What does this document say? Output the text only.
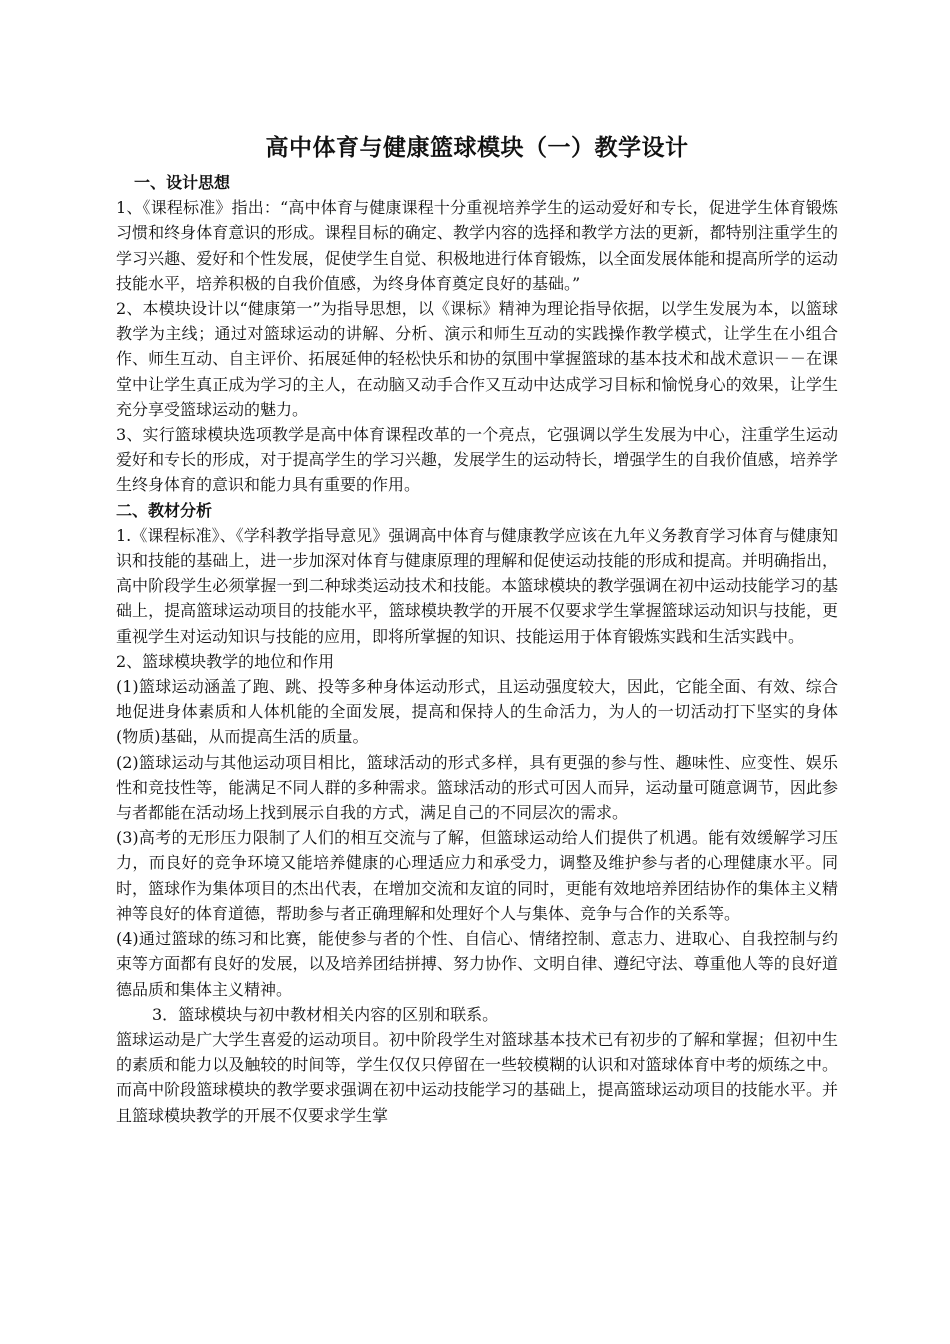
高中体育与健康篮球模块（一）教学设计
一、设计思想

1、《课程标准》指出：“高中体育与健康课程十分重视培养学生的运动爱好和专长，促进学生体育锻炼习惯和终身体育意识的形成。课程目标的确定、教学内容的选择和教学方法的更新，都特别注重学生的学习兴趣、爱好和个性发展，促使学生自觉、积极地进行体育锻炼，以全面发展体能和提高所学的运动技能水平，培养积极的自我价值感，为终身体育奠定良好的基础。”

2、本模块设计以“健康第一”为指导思想，以《课标》精神为理论指导依据，以学生发展为本，以篮球教学为主线；通过对篮球运动的讲解、分析、演示和师生互动的实践操作教学模式，让学生在小组合作、师生互动、自主评价、拓展延伸的轻松快乐和协的氛围中掌握篮球的基本技术和战术意识－－在课堂中让学生真正成为学习的主人，在动脑又动手合作又互动中达成学习目标和愉悦身心的效果，让学生充分享受篮球运动的魅力。

3、实行篮球模块选项教学是高中体育课程改革的一个亮点，它强调以学生发展为中心，注重学生运动爱好和专长的形成，对于提高学生的学习兴趣，发展学生的运动特长，增强学生的自我价值感，培养学生终身体育的意识和能力具有重要的作用。

二、教材分析

1.《课程标准》、《学科教学指导意见》强调高中体育与健康教学应该在九年义务教育学习体育与健康知识和技能的基础上，进一步加深对体育与健康原理的理解和促使运动技能的形成和提高。并明确指出，高中阶段学生必须掌握一到二种球类运动技术和技能。本篮球模块的教学强调在初中运动技能学习的基础上，提高篮球运动项目的技能水平，篮球模块教学的开展不仅要求学生掌握篮球运动知识与技能，更重视学生对运动知识与技能的应用，即将所掌握的知识、技能运用于体育锻炼实践和生活实践中。

2、篮球模块教学的地位和作用

(1)篮球运动涵盖了跑、跳、投等多种身体运动形式，且运动强度较大，因此，它能全面、有效、综合地促进身体素质和人体机能的全面发展，提高和保持人的生命活力，为人的一切活动打下坚实的身体(物质)基础，从而提高生活的质量。

(2)篮球运动与其他运动项目相比，篮球活动的形式多样，具有更强的参与性、趣味性、应变性、娱乐性和竞技性等，能满足不同人群的多种需求。篮球活动的形式可因人而异，运动量可随意调节，因此参与者都能在活动场上找到展示自我的方式，满足自己的不同层次的需求。

(3)高考的无形压力限制了人们的相互交流与了解，但篮球运动给人们提供了机遇。能有效缓解学习压力，而良好的竞争环境又能培养健康的心理适应力和承受力，调整及维护参与者的心理健康水平。同时，篮球作为集体项目的杰出代表，在增加交流和友谊的同时，更能有效地培养团结协作的集体主义精神等良好的体育道德，帮助参与者正确理解和处理好个人与集体、竞争与合作的关系等。

(4)通过篮球的练习和比赛，能使参与者的个性、自信心、情绪控制、意志力、进取心、自我控制与约束等方面都有良好的发展，以及培养团结拼搏、努力协作、文明自律、遵纪守法、尊重他人等的良好道德品质和集体主义精神。

3．篮球模块与初中教材相关内容的区别和联系。

篮球运动是广大学生喜爱的运动项目。初中阶段学生对篮球基本技术已有初步的了解和掌握；但初中生的素质和能力以及触较的时间等，学生仅仅只停留在一些较模糊的认识和对篮球体育中考的烦练之中。而高中阶段篮球模块的教学要求强调在初中运动技能学习的基础上，提高篮球运动项目的技能水平。并且篮球模块教学的开展不仅要求学生掌
